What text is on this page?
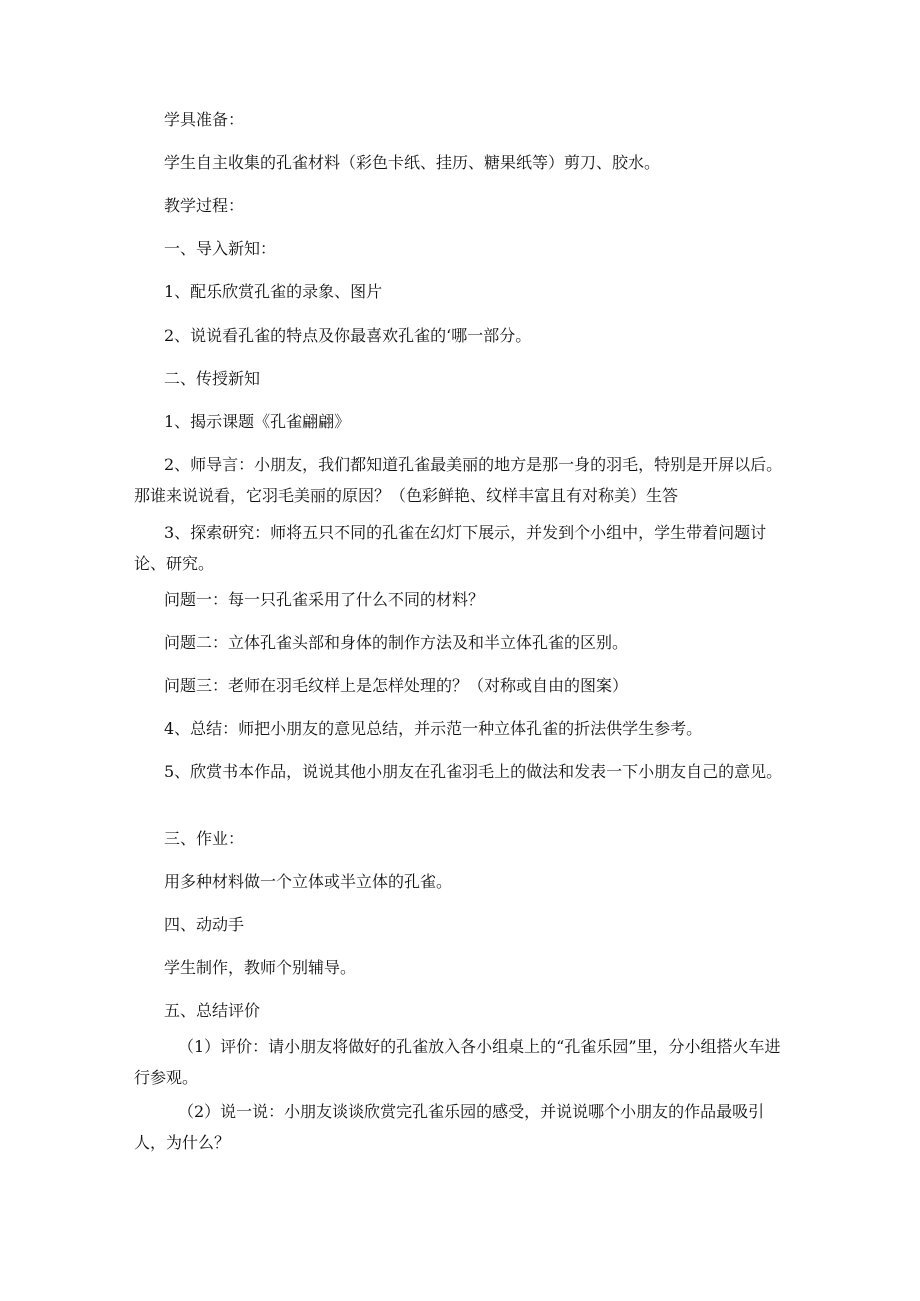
学具准备：

学生自主收集的孔雀材料（彩色卡纸、挂历、糖果纸等）剪刀、胶水。

教学过程：

一、导入新知：

1、配乐欣赏孔雀的录象、图片

2、说说看孔雀的特点及你最喜欢孔雀的‘哪一部分。

二、传授新知

1、揭示课题《孔雀翩翩》

2、师导言：小朋友，我们都知道孔雀最美丽的地方是那一身的羽毛，特别是开屏以后。那谁来说说看，它羽毛美丽的原因？（色彩鲜艳、纹样丰富且有对称美）生答

3、探索研究：师将五只不同的孔雀在幻灯下展示，并发到个小组中，学生带着问题讨论、研究。

问题一：每一只孔雀采用了什么不同的材料？

问题二：立体孔雀头部和身体的制作方法及和半立体孔雀的区别。

问题三：老师在羽毛纹样上是怎样处理的？（对称或自由的图案）

4、总结：师把小朋友的意见总结，并示范一种立体孔雀的折法供学生参考。

5、欣赏书本作品，说说其他小朋友在孔雀羽毛上的做法和发表一下小朋友自己的意见。

三、作业：

用多种材料做一个立体或半立体的孔雀。

四、动动手

学生制作，教师个别辅导。

五、总结评价

（1）评价：请小朋友将做好的孔雀放入各小组桌上的“孔雀乐园”里，分小组搭火车进行参观。

（2）说一说：小朋友谈谈欣赏完孔雀乐园的感受，并说说哪个小朋友的作品最吸引人，为什么？
